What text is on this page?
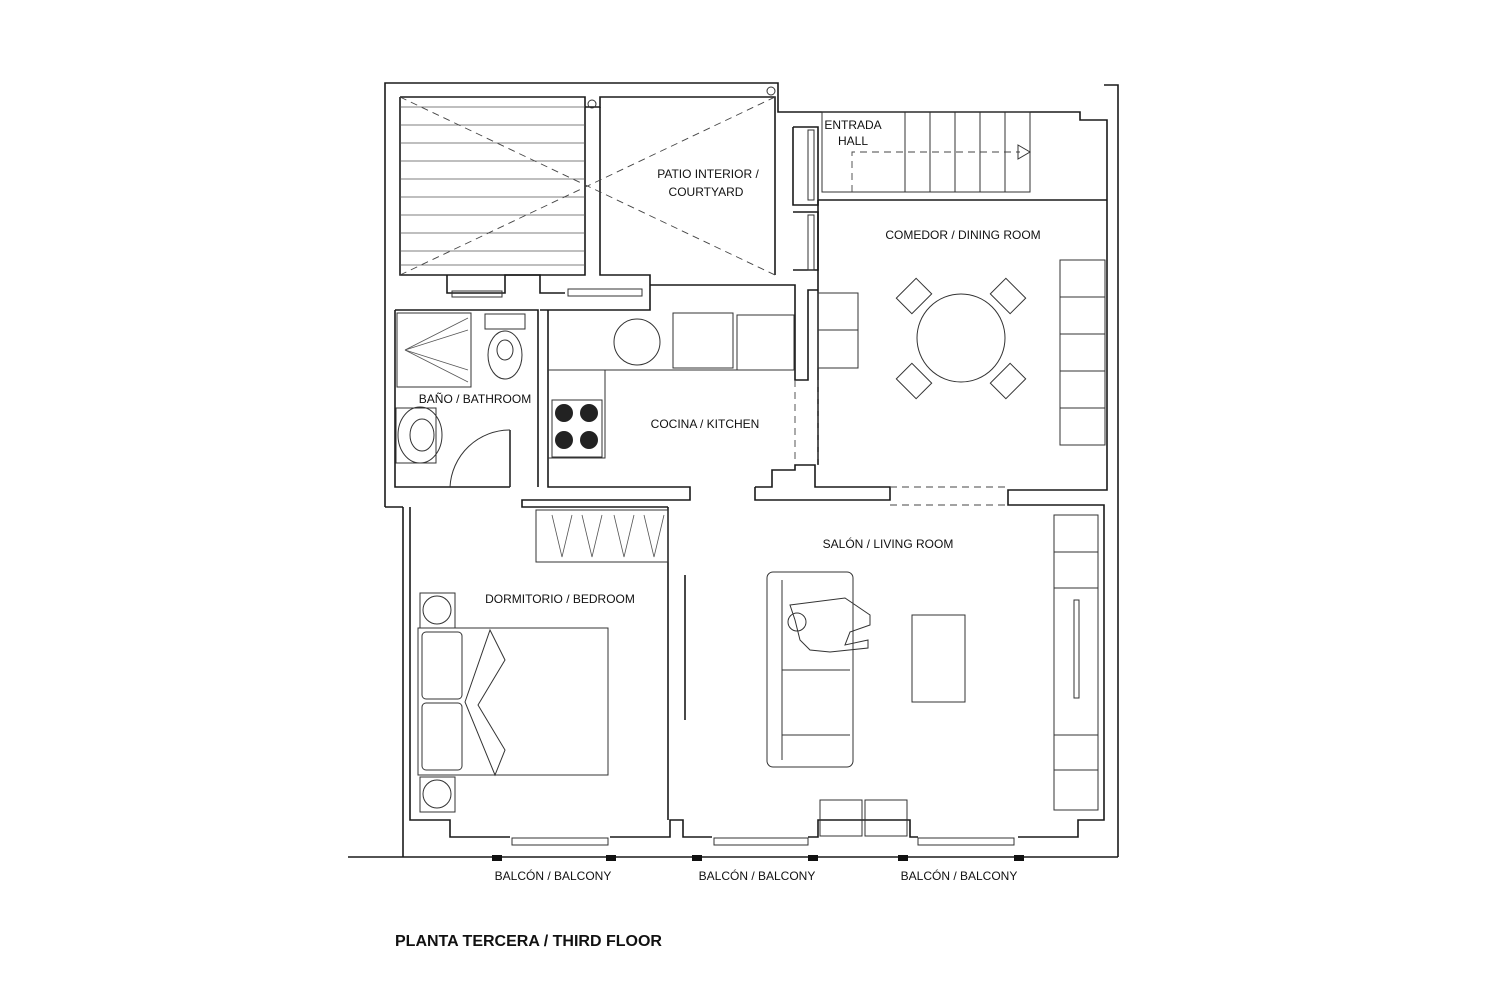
PATIO INTERIOR /
COURTYARD
ENTRADA
HALL
COMEDOR / DINING ROOM
BAÑO / BATHROOM
COCINA / KITCHEN
SALÓN / LIVING ROOM
DORMITORIO / BEDROOM
BALCÓN / BALCONY	BALCÓN / BALCONY	BALCÓN / BALCONY
PLANTA TERCERA / THIRD FLOOR
